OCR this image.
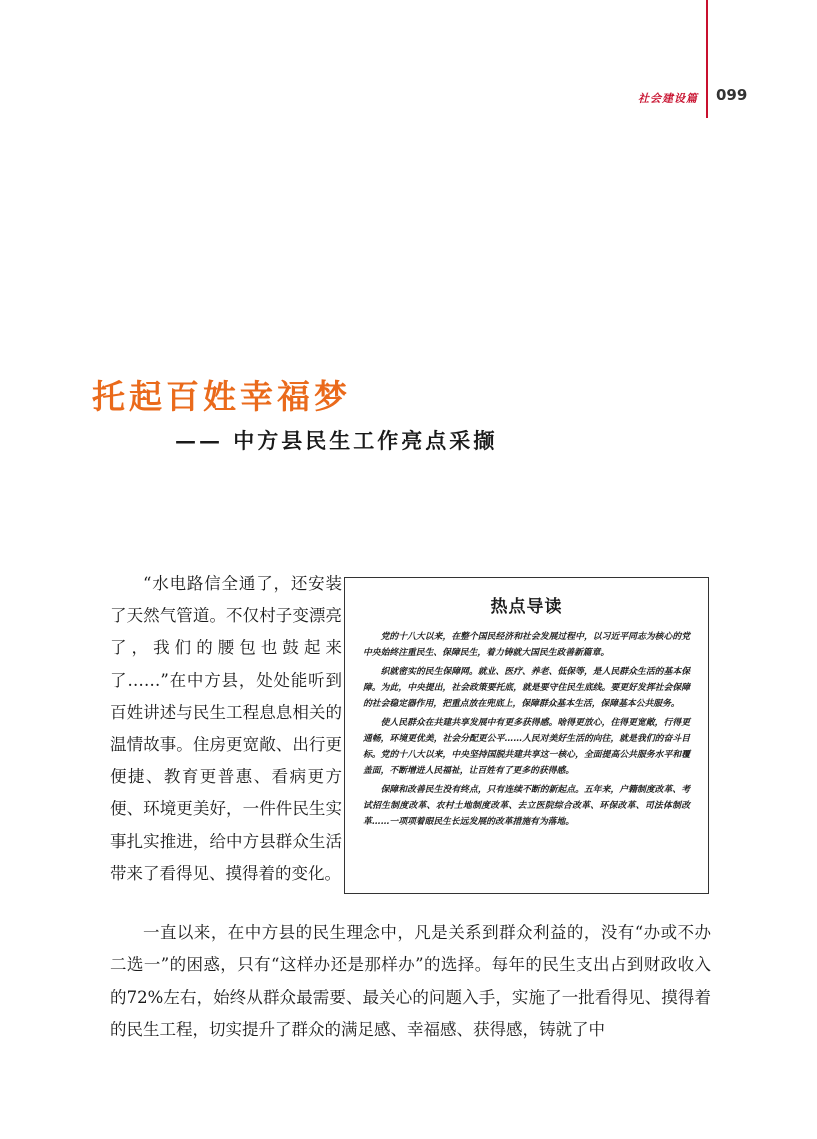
社会建设篇 099
托起百姓幸福梦
—— 中方县民生工作亮点采撷

“水电路信全通了，还安装了天然气管道。不仅村子变漂亮了，我们的腰包也鼓起来了……”在中方县，处处能听到百姓讲述与民生工程息息相关的温情故事。住房更宽敞、出行更便捷、教育更普惠、看病更方便、环境更美好，一件件民生实事扎实推进，给中方县群众生活带来了看得见、摸得着的变化。

热点导读

党的十八大以来，在整个国民经济和社会发展过程中，以习近平同志为核心的党中央始终注重民生、保障民生，着力铸就大国民生政善新篇章。

织就密实的民生保障网。就业、医疗、养老、低保等，是人民群众生活的基本保障。为此，中央提出，社会政策要托底，就是要守住民生底线。要更好发挥社会保障的社会稳定器作用，把重点放在兜底上，保障群众基本生活，保障基本公共服务。

使人民群众在共建共享发展中有更多获得感。啥得更放心，住得更宽敞，行得更通畅，环境更优美，社会分配更公平……人民对美好生活的向往，就是我们的奋斗目标。党的十八大以来，中央坚持国脱共建共享这一核心，全面提高公共服务水平和覆盖面，不断增进人民福祉，让百姓有了更多的获得感。

保障和改善民生没有终点，只有连续不断的新起点。五年来，户籍制度改革、考试招生制度改革、农村土地制度改革、去立医院综合改革、环保改革、司法体制改革……一项项着眼民生长远发展的改革措施有为落地。

一直以来，在中方县的民生理念中，凡是关系到群众利益的，没有“办或不办二选一”的困惑，只有“这样办还是那样办”的选择。每年的民生支出占到财政收入的72%左右，始终从群众最需要、最关心的问题入手，实施了一批看得见、摸得着的民生工程，切实提升了群众的满足感、幸福感、获得感，铸就了中
